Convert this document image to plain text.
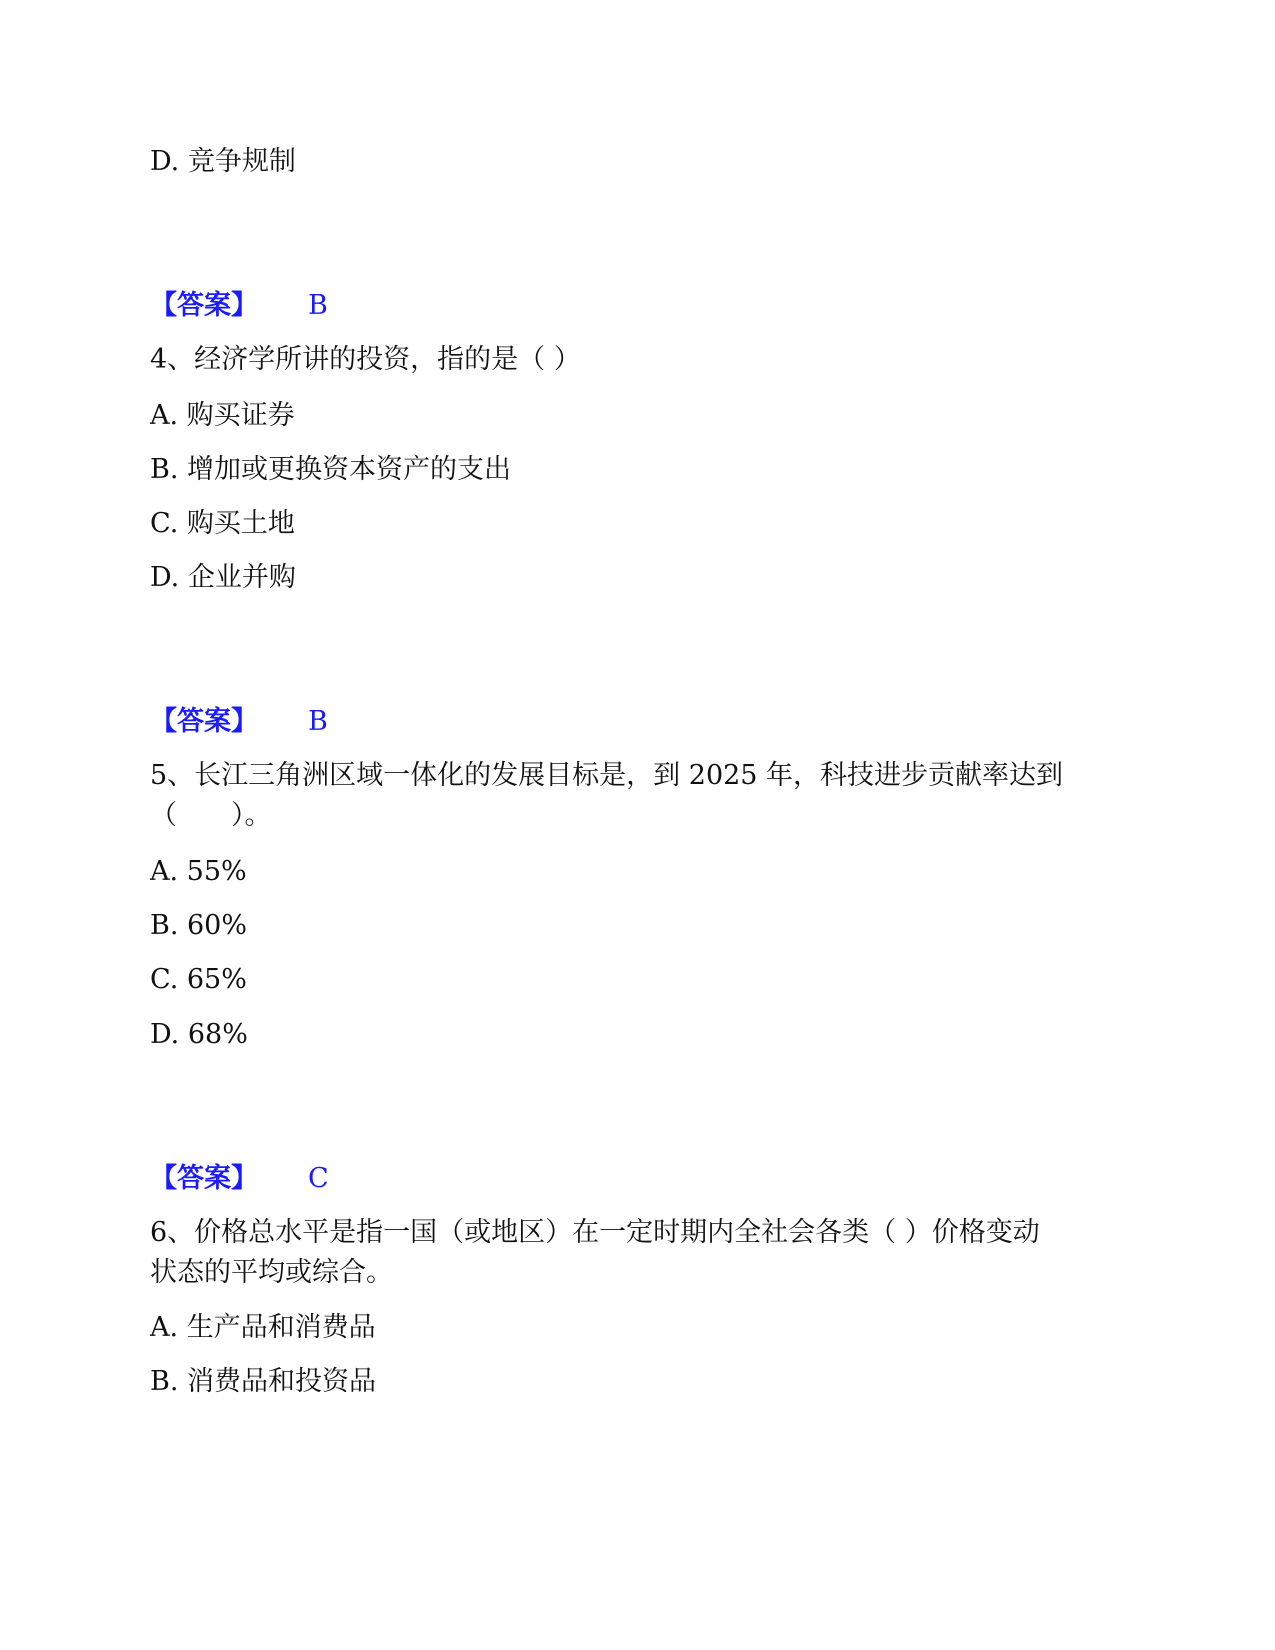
D. 竞争规制
【答案】 B
4、经济学所讲的投资，指的是（ ）
A. 购买证券
B. 增加或更换资本资产的支出
C. 购买土地
D. 企业并购
【答案】 B
5、长江三角洲区域一体化的发展目标是，到 2025 年，科技进步贡献率达到
（　　）。
A. 55%
B. 60%
C. 65%
D. 68%
【答案】 C
6、价格总水平是指一国（或地区）在一定时期内全社会各类（ ）价格变动
状态的平均或综合。
A. 生产品和消费品
B. 消费品和投资品
